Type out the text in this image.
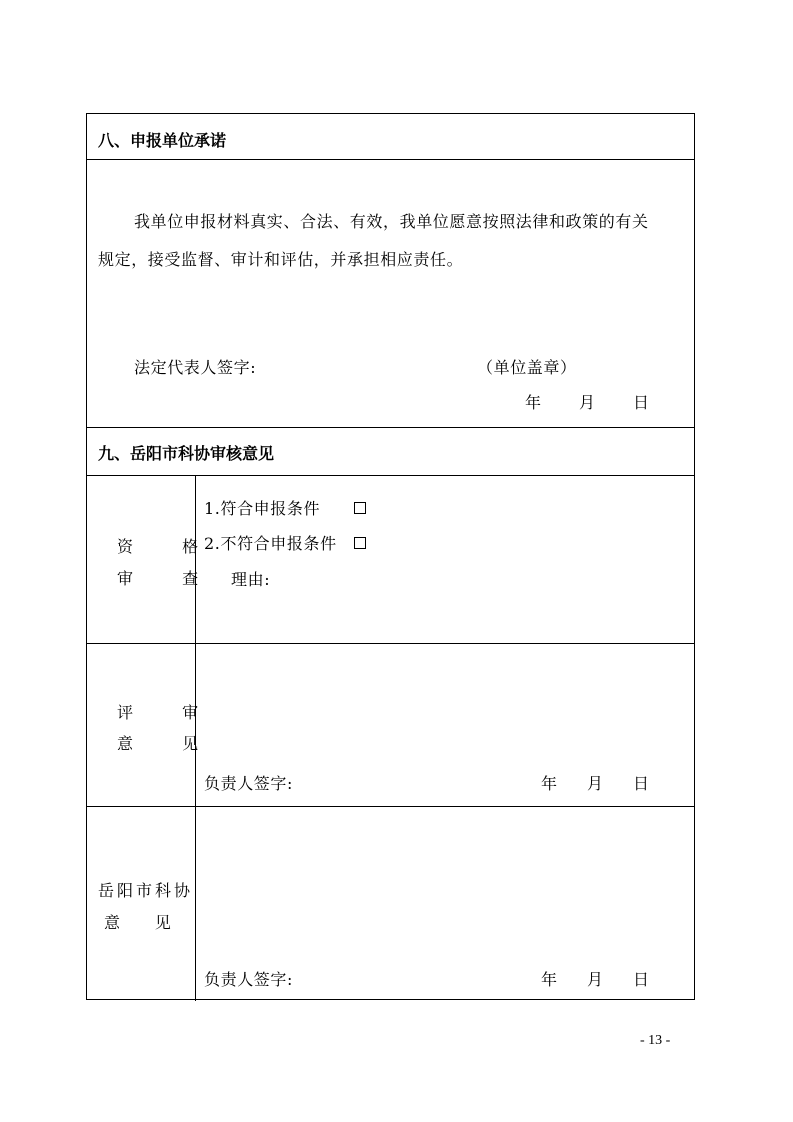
八、申报单位承诺
我单位申报材料真实、合法、有效，我单位愿意按照法律和政策的有关
规定，接受监督、审计和评估，并承担相应责任。
法定代表人签字:	（单位盖章）
年 月 日
九、岳阳市科协审核意见
资 格
审 查
1.符合申报条件
2.不符合申报条件
理由:
评 审
意 见
负责人签字:	年 月 日
岳阳市科协
意      见
负责人签字:	年 月 日
- 13 -
